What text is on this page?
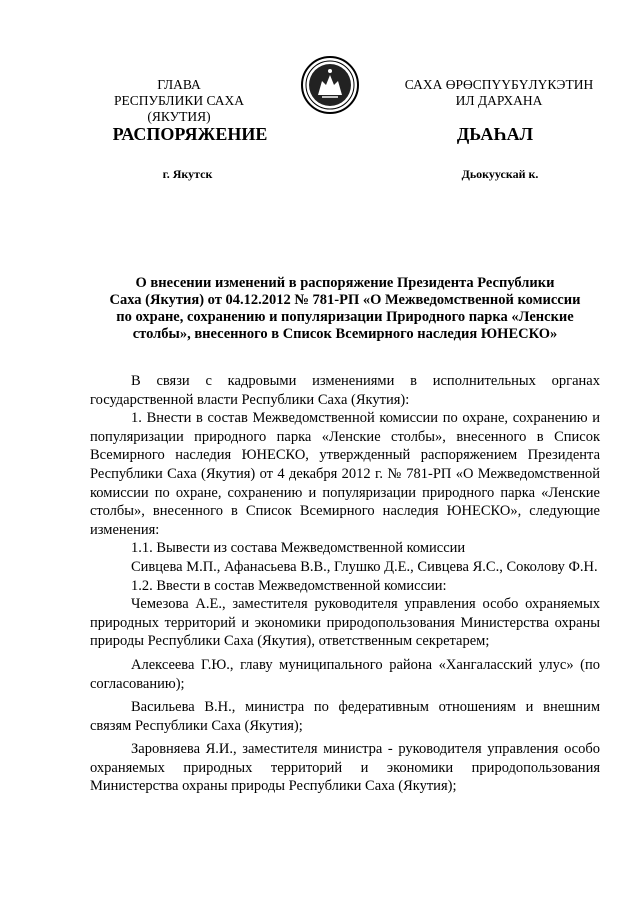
ГЛАВА
РЕСПУБЛИКИ САХА (ЯКУТИЯ)
САХА ӨРӨСПҮҮБҮЛҮКЭТИН
ИЛ ДАРХАНА
РАСПОРЯЖЕНИЕ	ДЬАҺАЛ
г. Якутск	Дьокуускай к.
О внесении изменений в распоряжение Президента Республики
Саха (Якутия) от 04.12.2012 № 781-РП «О Межведомственной комиссии
по охране, сохранению и популяризации Природного парка «Ленские
столбы», внесенного в Список Всемирного наследия ЮНЕСКО»

В связи с кадровыми изменениями в исполнительных органах государственной власти Республики Саха (Якутия):

1. Внести в состав Межведомственной комиссии по охране, сохранению и популяризации природного парка «Ленские столбы», внесенного в Список Всемирного наследия ЮНЕСКО, утвержденный распоряжением Президента Республики Саха (Якутия) от 4 декабря 2012 г. № 781-РП «О Межведомственной комиссии по охране, сохранению и популяризации природного парка «Ленские столбы», внесенного в Список Всемирного наследия ЮНЕСКО», следующие изменения:

1.1. Вывести из состава Межведомственной комиссии

Сивцева М.П., Афанасьева В.В., Глушко Д.Е., Сивцева Я.С., Соколову Ф.Н.

1.2. Ввести в состав Межведомственной комиссии:

Чемезова А.Е., заместителя руководителя управления особо охраняемых природных территорий и экономики природопользования Министерства охраны природы Республики Саха (Якутия), ответственным секретарем;

Алексеева Г.Ю., главу муниципального района «Хангаласский улус» (по согласованию);

Васильева В.Н., министра по федеративным отношениям и внешним связям Республики Саха (Якутия);

Заровняева Я.И., заместителя министра - руководителя управления особо охраняемых природных территорий и экономики природопользования Министерства охраны природы Республики Саха (Якутия);
